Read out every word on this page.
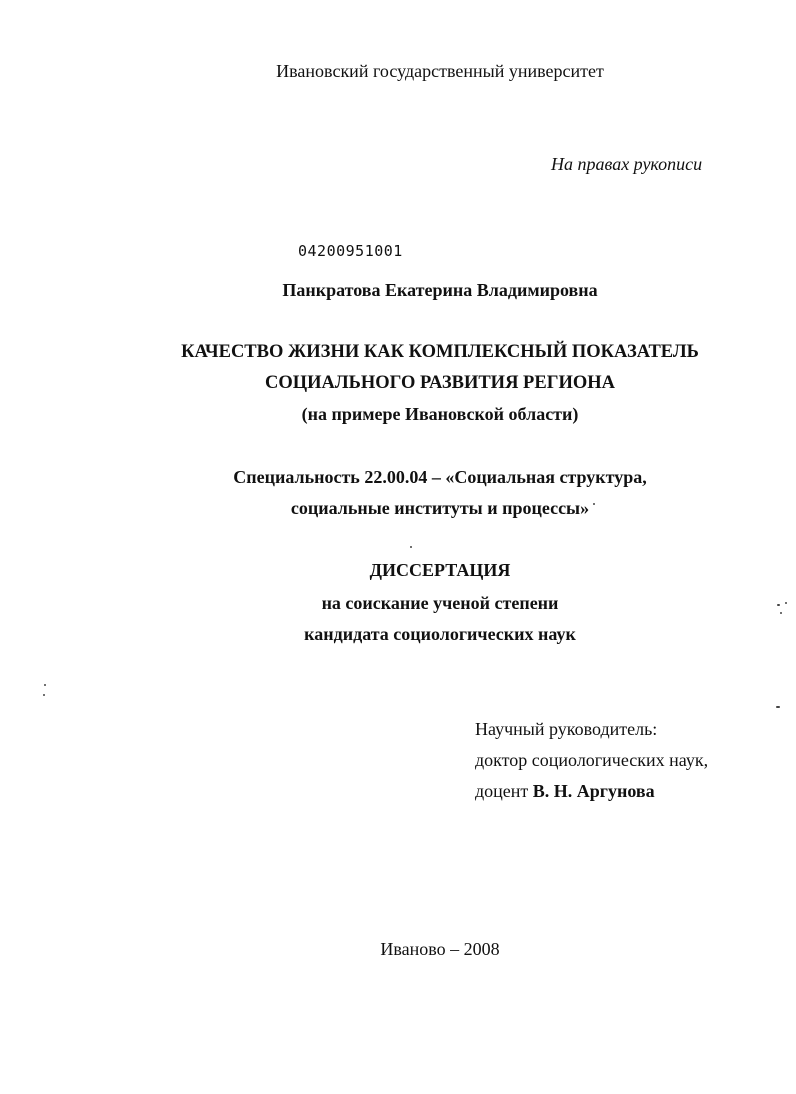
Ивановский государственный университет
На правах рукописи
04200951001
Панкратова Екатерина Владимировна
КАЧЕСТВО ЖИЗНИ КАК КОМПЛЕКСНЫЙ ПОКАЗАТЕЛЬ
СОЦИАЛЬНОГО РАЗВИТИЯ РЕГИОНА
(на примере Ивановской области)
Специальность 22.00.04 – «Социальная структура,
социальные институты и процессы»
ДИССЕРТАЦИЯ
на соискание ученой степени
кандидата социологических наук
Научный руководитель:
доктор социологических наук,
доцент В. Н. Аргунова
Иваново – 2008
